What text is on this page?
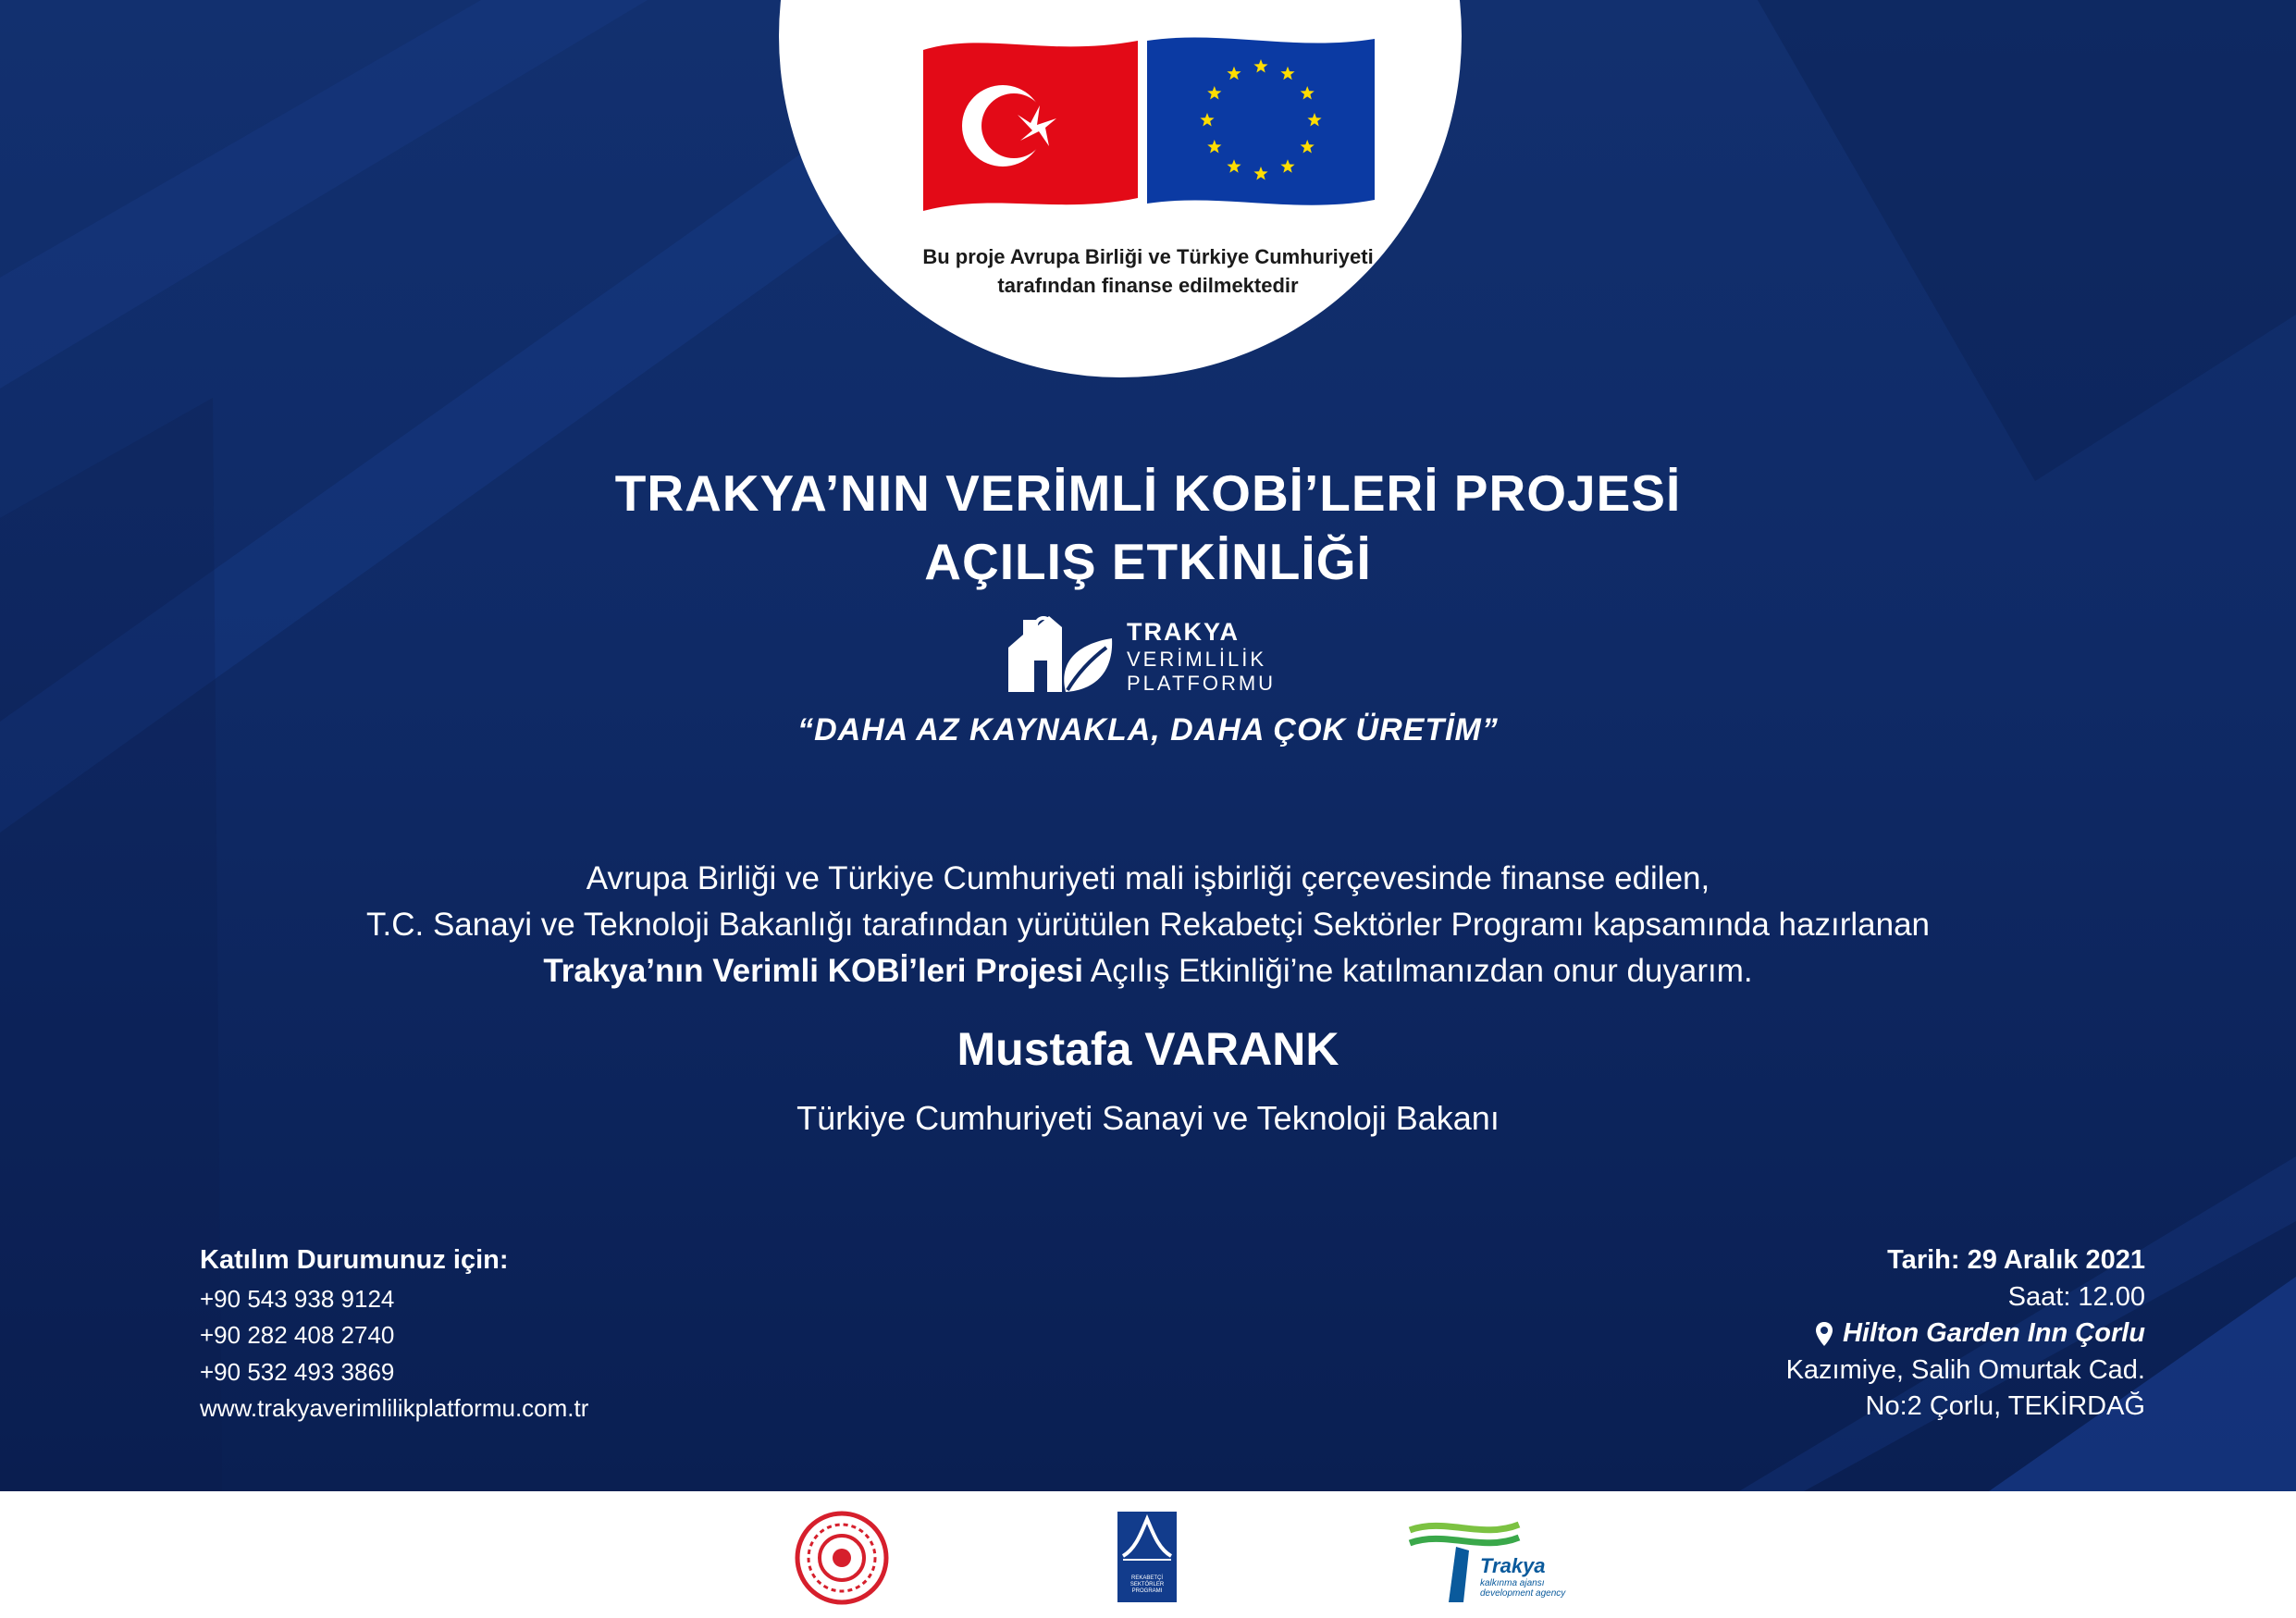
Bu proje Avrupa Birliği ve Türkiye Cumhuriyeti
tarafından finanse edilmektedir
TRAKYA’NIN VERİMLİ KOBİ’LERİ PROJESİ
AÇILIŞ ETKİNLİĞİ
TRAKYA
VERİMLİLİK
PLATFORMU
“DAHA AZ KAYNAKLA, DAHA ÇOK ÜRETİM”
Avrupa Birliği ve Türkiye Cumhuriyeti mali işbirliği çerçevesinde finanse edilen,
T.C. Sanayi ve Teknoloji Bakanlığı tarafından yürütülen Rekabetçi Sektörler Programı kapsamında hazırlanan
Trakya’nın Verimli KOBİ’leri Projesi Açılış Etkinliği’ne katılmanızdan onur duyarım.
Mustafa VARANK
Türkiye Cumhuriyeti Sanayi ve Teknoloji Bakanı
Katılım Durumunuz için:
+90 543 938 9124
+90 282 408 2740
+90 532 493 3869
www.trakyaverimlilikplatformu.com.tr
Tarih: 29 Aralık 2021
Saat: 12.00
Hilton Garden Inn Çorlu
Kazımiye, Salih Omurtak Cad.
No:2 Çorlu, TEKİRDAĞ
REKABETÇİ SEKTÖRLER PROGRAMI
Trakya
kalkınma ajansı
development agency
